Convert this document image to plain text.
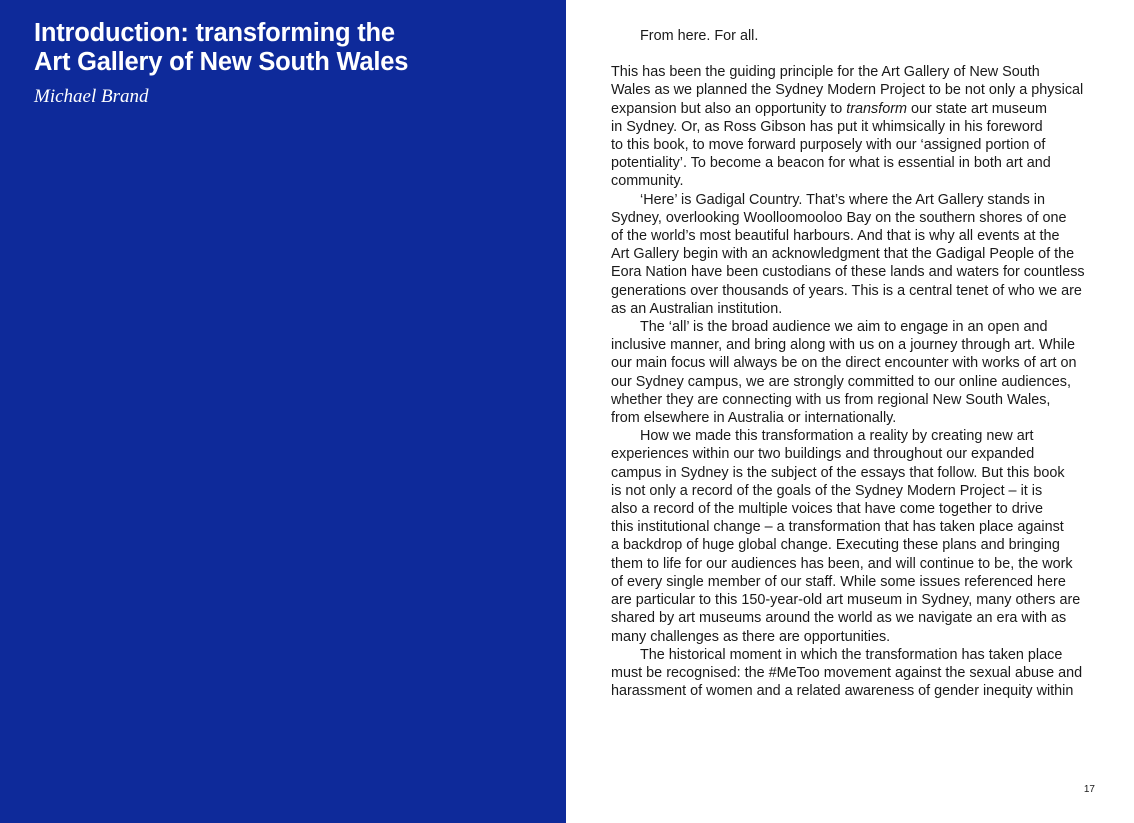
Introduction: transforming the
Art Gallery of New South Wales

Michael Brand

From here. For all.

This has been the guiding principle for the Art Gallery of New South
Wales as we planned the Sydney Modern Project to be not only a physical
expansion but also an opportunity to transform our state art museum
in Sydney. Or, as Ross Gibson has put it whimsically in his foreword
to this book, to move forward purposely with our ‘assigned portion of
potentiality’. To become a beacon for what is essential in both art and
community.

‘Here’ is Gadigal Country. That’s where the Art Gallery stands in
Sydney, overlooking Woolloomooloo Bay on the southern shores of one
of the world’s most beautiful harbours. And that is why all events at the
Art Gallery begin with an acknowledgment that the Gadigal People of the
Eora Nation have been custodians of these lands and waters for countless
generations over thousands of years. This is a central tenet of who we are
as an Australian institution.

The ‘all’ is the broad audience we aim to engage in an open and
inclusive manner, and bring along with us on a journey through art. While
our main focus will always be on the direct encounter with works of art on
our Sydney campus, we are strongly committed to our online audiences,
whether they are connecting with us from regional New South Wales,
from elsewhere in Australia or internationally.

How we made this transformation a reality by creating new art
experiences within our two buildings and throughout our expanded
campus in Sydney is the subject of the essays that follow. But this book
is not only a record of the goals of the Sydney Modern Project – it is
also a record of the multiple voices that have come together to drive
this institutional change – a transformation that has taken place against
a backdrop of huge global change. Executing these plans and bringing
them to life for our audiences has been, and will continue to be, the work
of every single member of our staff. While some issues referenced here
are particular to this 150-year-old art museum in Sydney, many others are
shared by art museums around the world as we navigate an era with as
many challenges as there are opportunities.

The historical moment in which the transformation has taken place
must be recognised: the #MeToo movement against the sexual abuse and
harassment of women and a related awareness of gender inequity within

17
